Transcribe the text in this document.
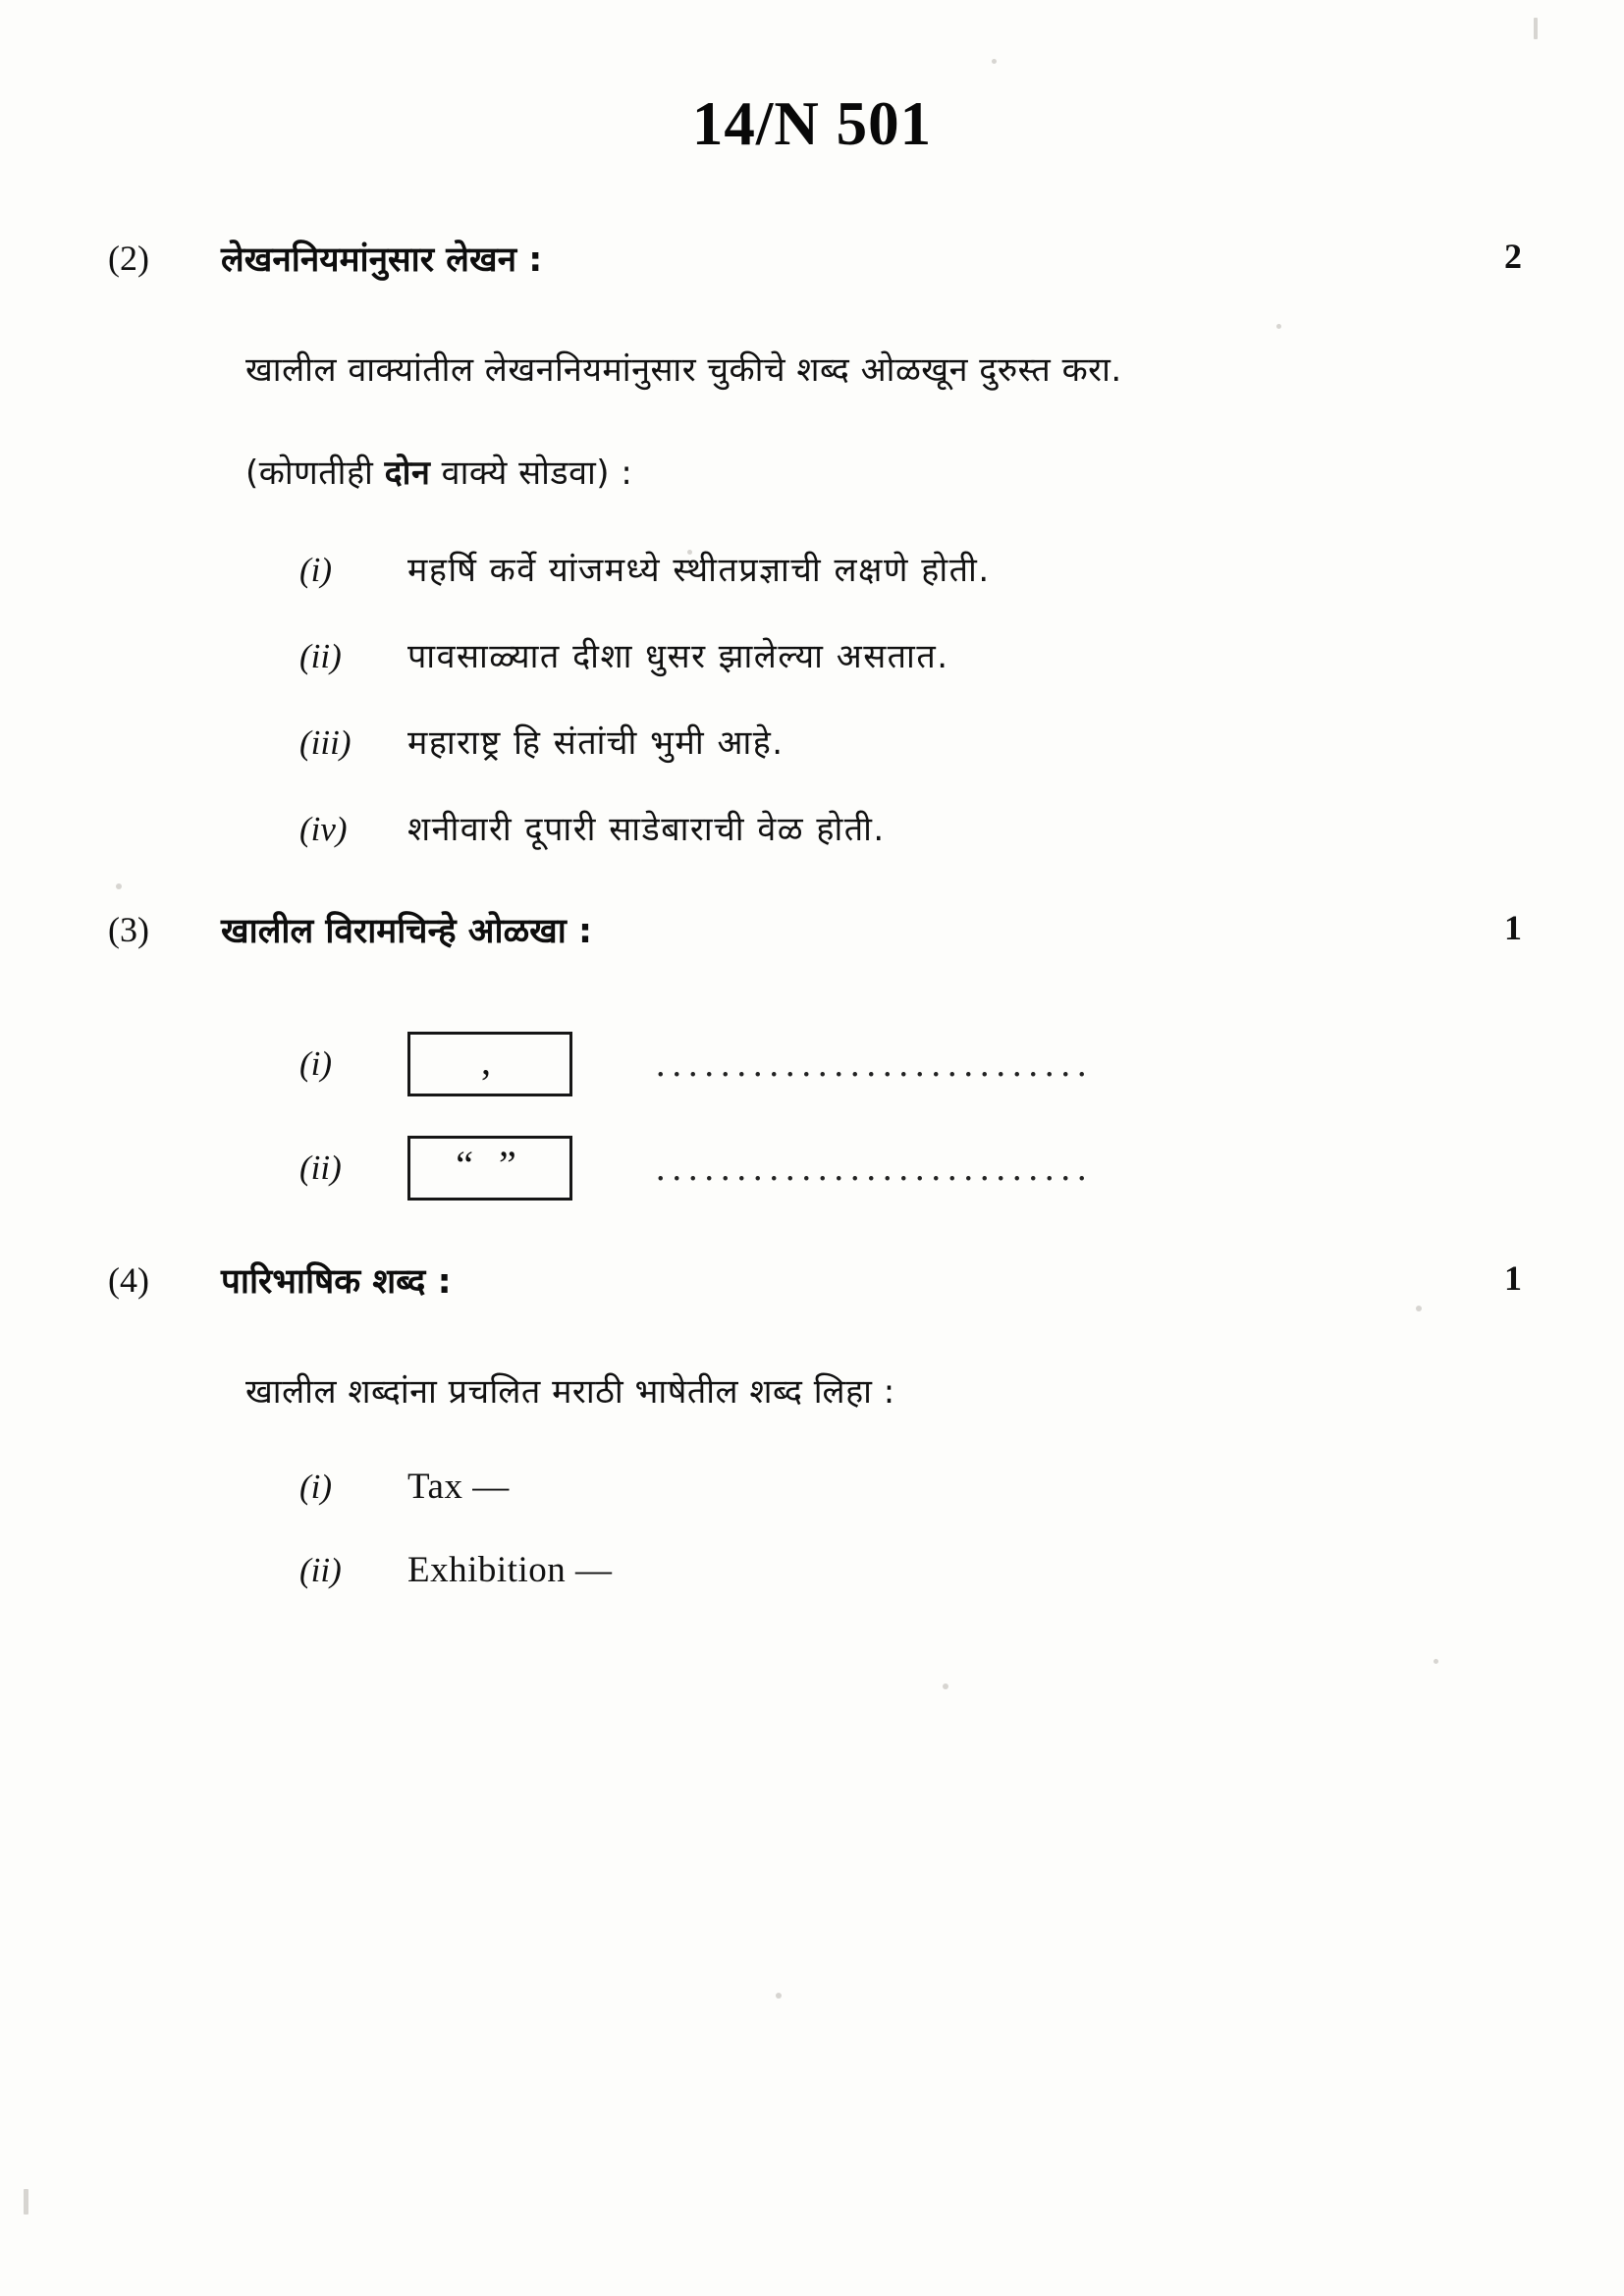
14/N 501
(2)	लेखननियमांनुसार लेखन :	2
खालील वाक्यांतील लेखननियमांनुसार चुकीचे शब्द ओळखून दुरुस्त करा.
(कोणतीही दोन वाक्ये सोडवा) :
(i)	महर्षि कर्वे यांजमध्ये स्थीतप्रज्ञाची लक्षणे होती.
(ii)	पावसाळ्यात दीशा धुसर झालेल्या असतात.
(iii)	महाराष्ट्र हि संतांची भुमी आहे.
(iv)	शनीवारी दूपारी साडेबाराची वेळ होती.
(3)	खालील विरामचिन्हे ओळखा :	1
(i)	,	...........................
(ii)	“ ”	...........................
(4)	पारिभाषिक शब्द :	1
खालील शब्दांना प्रचलित मराठी भाषेतील शब्द लिहा :
(i)	Tax —
(ii)	Exhibition —
